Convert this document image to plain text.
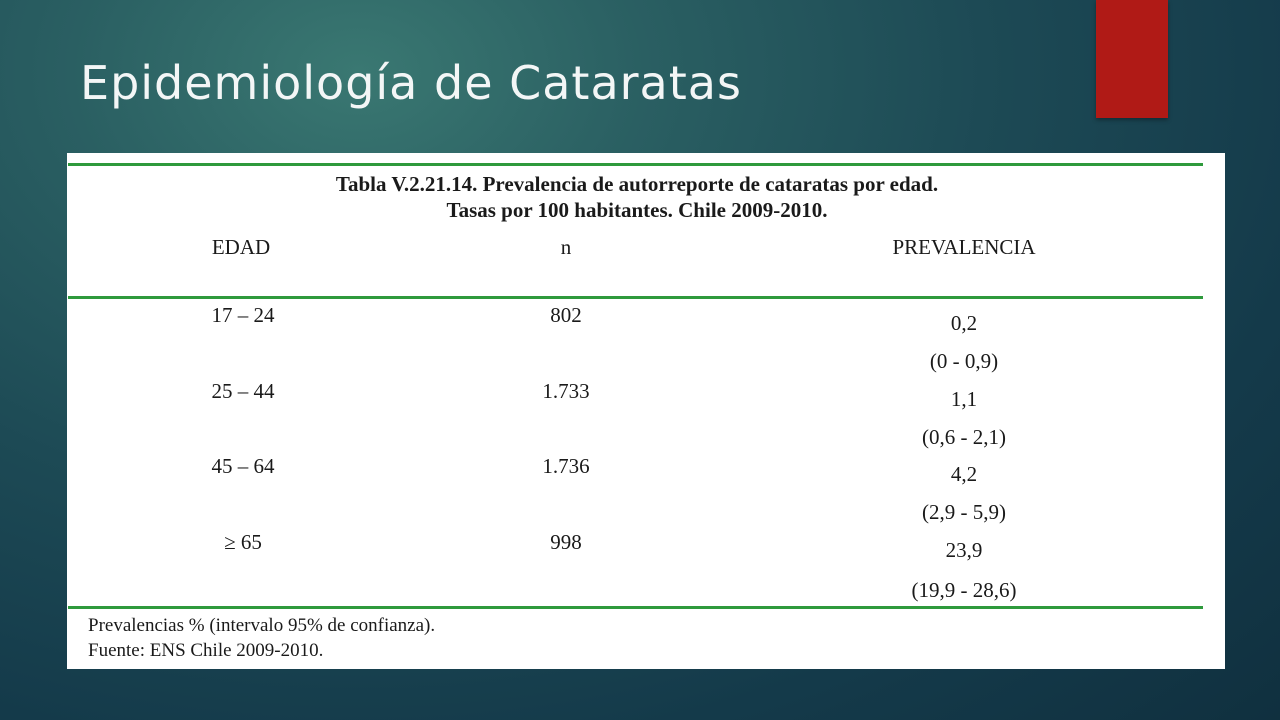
Epidemiología de Cataratas
Tabla V.2.21.14. Prevalencia de autorreporte de cataratas por edad.
Tasas por 100 habitantes. Chile 2009-2010.
EDAD	n	PREVALENCIA
17 – 24	802	0,2
(0 - 0,9)
25 – 44	1.733	1,1
(0,6 - 2,1)
45 – 64	1.736	4,2
(2,9 - 5,9)
≥ 65	998	23,9
(19,9 - 28,6)
Prevalencias % (intervalo 95% de confianza).
Fuente: ENS Chile 2009-2010.
